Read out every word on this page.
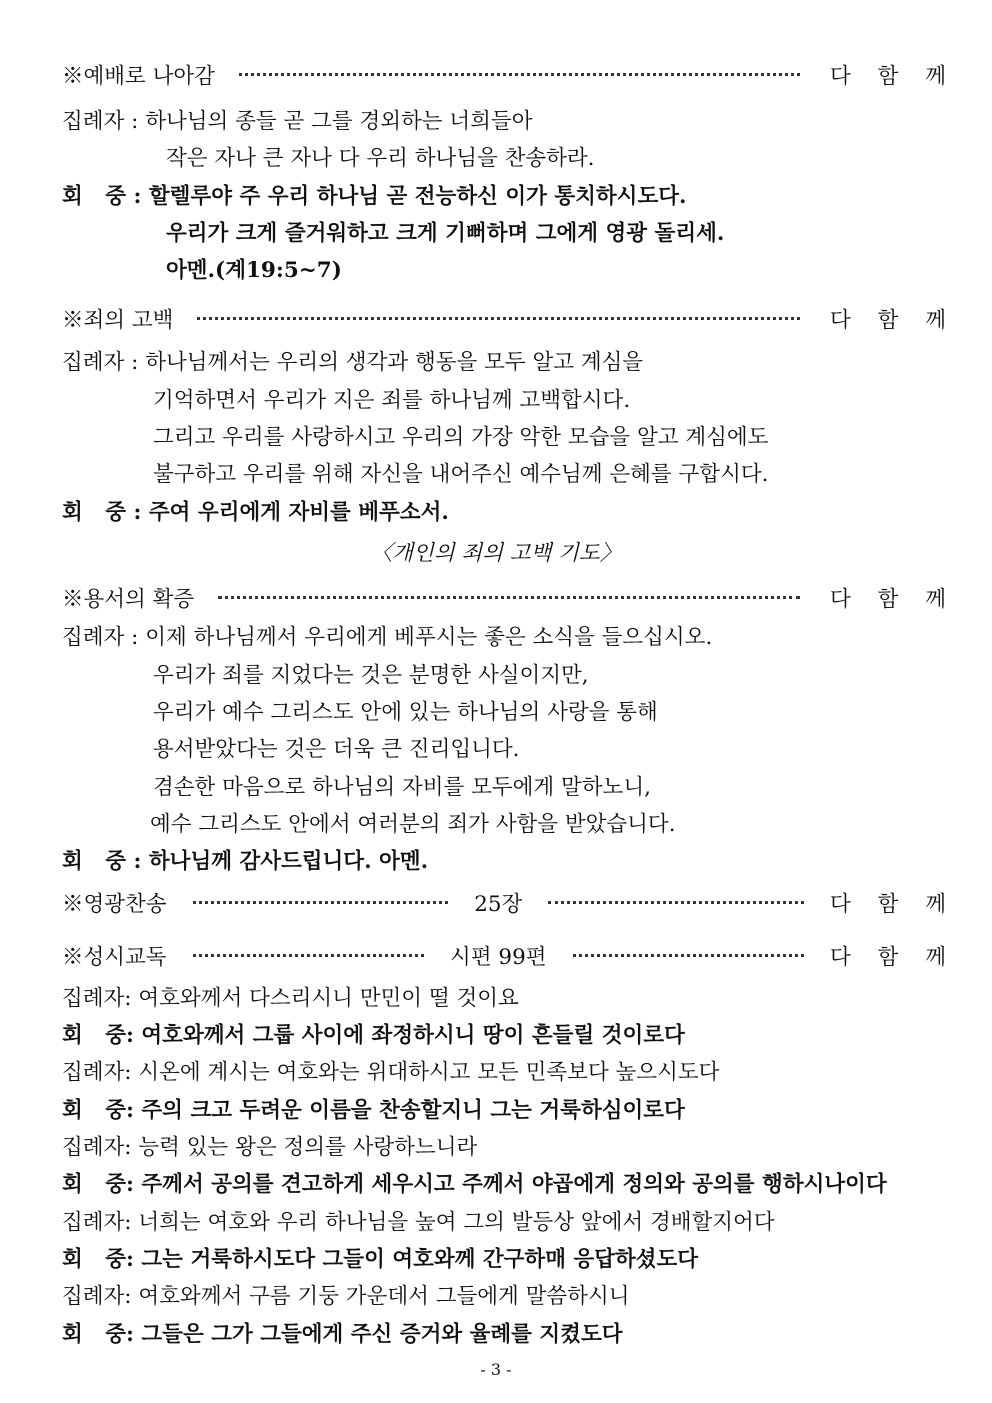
※예배로 나아감	다 함 께
집례자 : 하나님의 종들 곧 그를 경외하는 너희들아
작은 자나 큰 자나 다 우리 하나님을 찬송하라.
회   중 : 할렐루야 주 우리 하나님 곧 전능하신 이가 통치하시도다.
우리가 크게 즐거워하고 크게 기뻐하며 그에게 영광 돌리세.
아멘.(계19:5~7)
※죄의 고백	다 함 께
집례자 : 하나님께서는 우리의 생각과 행동을 모두 알고 계심을
기억하면서 우리가 지은 죄를 하나님께 고백합시다.
그리고 우리를 사랑하시고 우리의 가장 악한 모습을 알고 계심에도
불구하고 우리를 위해 자신을 내어주신 예수님께 은혜를 구합시다.
회   중 : 주여 우리에게 자비를 베푸소서.
〈개인의 죄의 고백 기도〉
※용서의 확증	다 함 께
집례자 : 이제 하나님께서 우리에게 베푸시는 좋은 소식을 들으십시오.
우리가 죄를 지었다는 것은 분명한 사실이지만,
우리가 예수 그리스도 안에 있는 하나님의 사랑을 통해
용서받았다는 것은 더욱 큰 진리입니다.
겸손한 마음으로 하나님의 자비를 모두에게 말하노니,
예수 그리스도 안에서 여러분의 죄가 사함을 받았습니다.
회   중 : 하나님께 감사드립니다. 아멘.
※영광찬송	25장	다 함 께
※성시교독	시편 99편	다 함 께
집례자: 여호와께서 다스리시니 만민이 떨 것이요
회   중: 여호와께서 그룹 사이에 좌정하시니 땅이 흔들릴 것이로다
집례자: 시온에 계시는 여호와는 위대하시고 모든 민족보다 높으시도다
회   중: 주의 크고 두려운 이름을 찬송할지니 그는 거룩하심이로다
집례자: 능력 있는 왕은 정의를 사랑하느니라
회   중: 주께서 공의를 견고하게 세우시고 주께서 야곱에게 정의와 공의를 행하시나이다
집례자: 너희는 여호와 우리 하나님을 높여 그의 발등상 앞에서 경배할지어다
회   중: 그는 거룩하시도다 그들이 여호와께 간구하매 응답하셨도다
집례자: 여호와께서 구름 기둥 가운데서 그들에게 말씀하시니
회   중: 그들은 그가 그들에게 주신 증거와 율례를 지켰도다
- 3 -
